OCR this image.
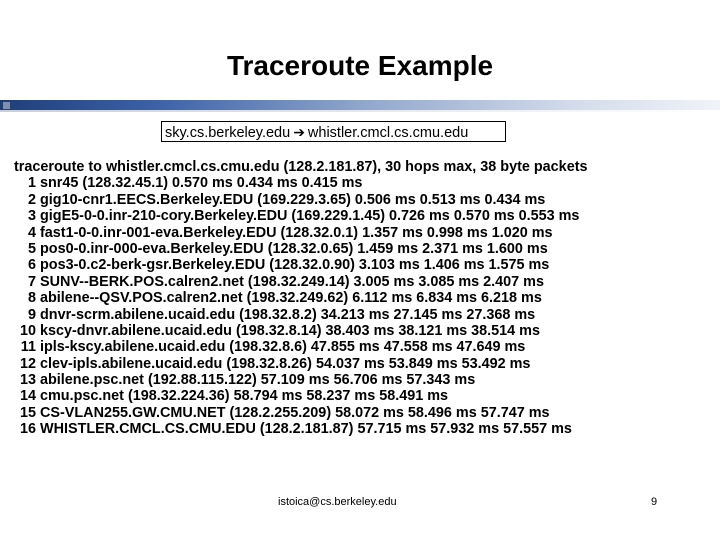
Traceroute Example
sky.cs.berkeley.edu ➔ whistler.cmcl.cs.cmu.edu
traceroute to whistler.cmcl.cs.cmu.edu (128.2.181.87), 30 hops max, 38 byte packets
1 snr45 (128.32.45.1) 0.570 ms 0.434 ms 0.415 ms
2 gig10-cnr1.EECS.Berkeley.EDU (169.229.3.65) 0.506 ms 0.513 ms 0.434 ms
3 gigE5-0-0.inr-210-cory.Berkeley.EDU (169.229.1.45) 0.726 ms 0.570 ms 0.553 ms
4 fast1-0-0.inr-001-eva.Berkeley.EDU (128.32.0.1) 1.357 ms 0.998 ms 1.020 ms
5 pos0-0.inr-000-eva.Berkeley.EDU (128.32.0.65) 1.459 ms 2.371 ms 1.600 ms
6 pos3-0.c2-berk-gsr.Berkeley.EDU (128.32.0.90) 3.103 ms 1.406 ms 1.575 ms
7 SUNV--BERK.POS.calren2.net (198.32.249.14) 3.005 ms 3.085 ms 2.407 ms
8 abilene--QSV.POS.calren2.net (198.32.249.62) 6.112 ms 6.834 ms 6.218 ms
9 dnvr-scrm.abilene.ucaid.edu (198.32.8.2) 34.213 ms 27.145 ms 27.368 ms
10 kscy-dnvr.abilene.ucaid.edu (198.32.8.14) 38.403 ms 38.121 ms 38.514 ms
11 ipls-kscy.abilene.ucaid.edu (198.32.8.6) 47.855 ms 47.558 ms 47.649 ms
12 clev-ipls.abilene.ucaid.edu (198.32.8.26) 54.037 ms 53.849 ms 53.492 ms
13 abilene.psc.net (192.88.115.122) 57.109 ms 56.706 ms 57.343 ms
14 cmu.psc.net (198.32.224.36) 58.794 ms 58.237 ms 58.491 ms
15 CS-VLAN255.GW.CMU.NET (128.2.255.209) 58.072 ms 58.496 ms 57.747 ms
16 WHISTLER.CMCL.CS.CMU.EDU (128.2.181.87) 57.715 ms 57.932 ms 57.557 ms
istoica@cs.berkeley.edu	9
